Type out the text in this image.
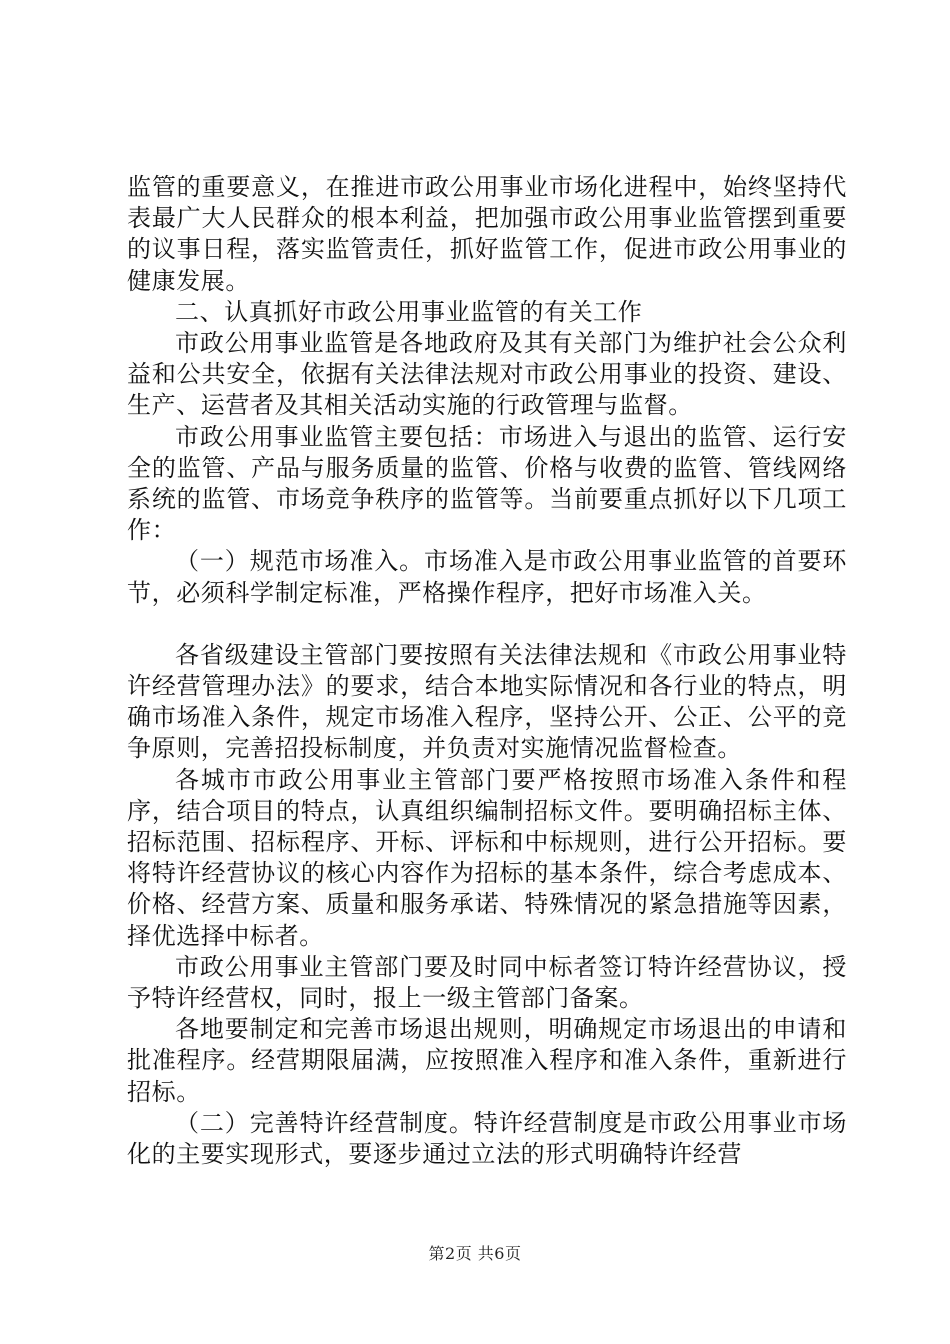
监管的重要意义，在推进市政公用事业市场化进程中，始终坚持代表最广大人民群众的根本利益，把加强市政公用事业监管摆到重要的议事日程，落实监管责任，抓好监管工作，促进市政公用事业的健康发展。

二、认真抓好市政公用事业监管的有关工作

市政公用事业监管是各地政府及其有关部门为维护社会公众利益和公共安全，依据有关法律法规对市政公用事业的投资、建设、生产、运营者及其相关活动实施的行政管理与监督。

市政公用事业监管主要包括：市场进入与退出的监管、运行安全的监管、产品与服务质量的监管、价格与收费的监管、管线网络系统的监管、市场竞争秩序的监管等。当前要重点抓好以下几项工作：

（一）规范市场准入。市场准入是市政公用事业监管的首要环节，必须科学制定标准，严格操作程序，把好市场准入关。

各省级建设主管部门要按照有关法律法规和《市政公用事业特许经营管理办法》的要求，结合本地实际情况和各行业的特点，明确市场准入条件，规定市场准入程序，坚持公开、公正、公平的竞争原则，完善招投标制度，并负责对实施情况监督检查。

各城市市政公用事业主管部门要严格按照市场准入条件和程序，结合项目的特点，认真组织编制招标文件。要明确招标主体、招标范围、招标程序、开标、评标和中标规则，进行公开招标。要将特许经营协议的核心内容作为招标的基本条件，综合考虑成本、价格、经营方案、质量和服务承诺、特殊情况的紧急措施等因素，择优选择中标者。

市政公用事业主管部门要及时同中标者签订特许经营协议，授予特许经营权，同时，报上一级主管部门备案。

各地要制定和完善市场退出规则，明确规定市场退出的申请和批准程序。经营期限届满，应按照准入程序和准入条件，重新进行招标。

（二）完善特许经营制度。特许经营制度是市政公用事业市场化的主要实现形式，要逐步通过立法的形式明确特许经营

第2页 共6页
